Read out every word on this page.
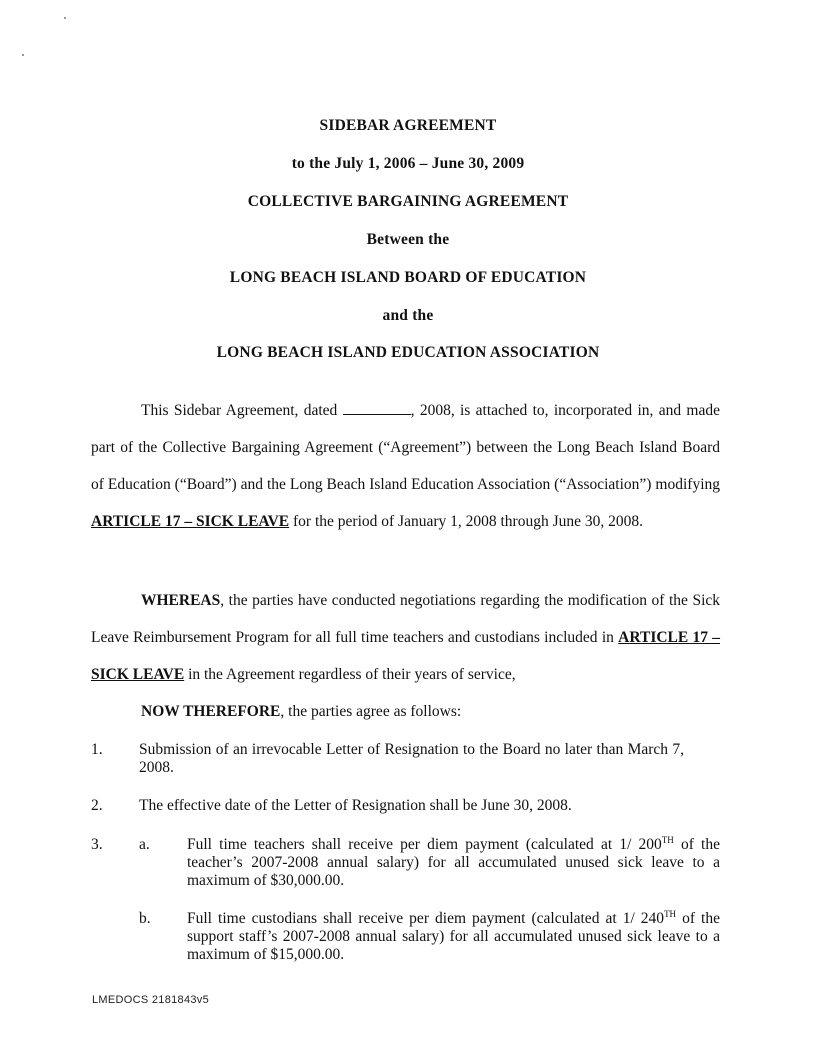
SIDEBAR AGREEMENT
to the July 1, 2006 – June 30, 2009
COLLECTIVE BARGAINING AGREEMENT
Between the
LONG BEACH ISLAND BOARD OF EDUCATION
and the
LONG BEACH ISLAND EDUCATION ASSOCIATION

This Sidebar Agreement, dated	, 2008, is attached to, incorporated in, and made part of the Collective Bargaining Agreement (“Agreement”) between the Long Beach Island Board of Education (“Board”) and the Long Beach Island Education Association (“Association”) modifying ARTICLE 17 – SICK LEAVE for the period of January 1, 2008 through June 30, 2008.

WHEREAS, the parties have conducted negotiations regarding the modification of the Sick Leave Reimbursement Program for all full time teachers and custodians included in ARTICLE 17 – SICK LEAVE in the Agreement regardless of their years of service,

NOW THEREFORE, the parties agree as follows:

1. Submission of an irrevocable Letter of Resignation to the Board no later than March 7, 2008.
2. The effective date of the Letter of Resignation shall be June 30, 2008.
3. a. Full time teachers shall receive per diem payment (calculated at 1/ 200TH of the teacher’s 2007-2008 annual salary) for all accumulated unused sick leave to a maximum of $30,000.00.
b. Full time custodians shall receive per diem payment (calculated at 1/ 240TH of the support staff’s 2007-2008 annual salary) for all accumulated unused sick leave to a maximum of $15,000.00.
LMEDOCS 2181843v5
